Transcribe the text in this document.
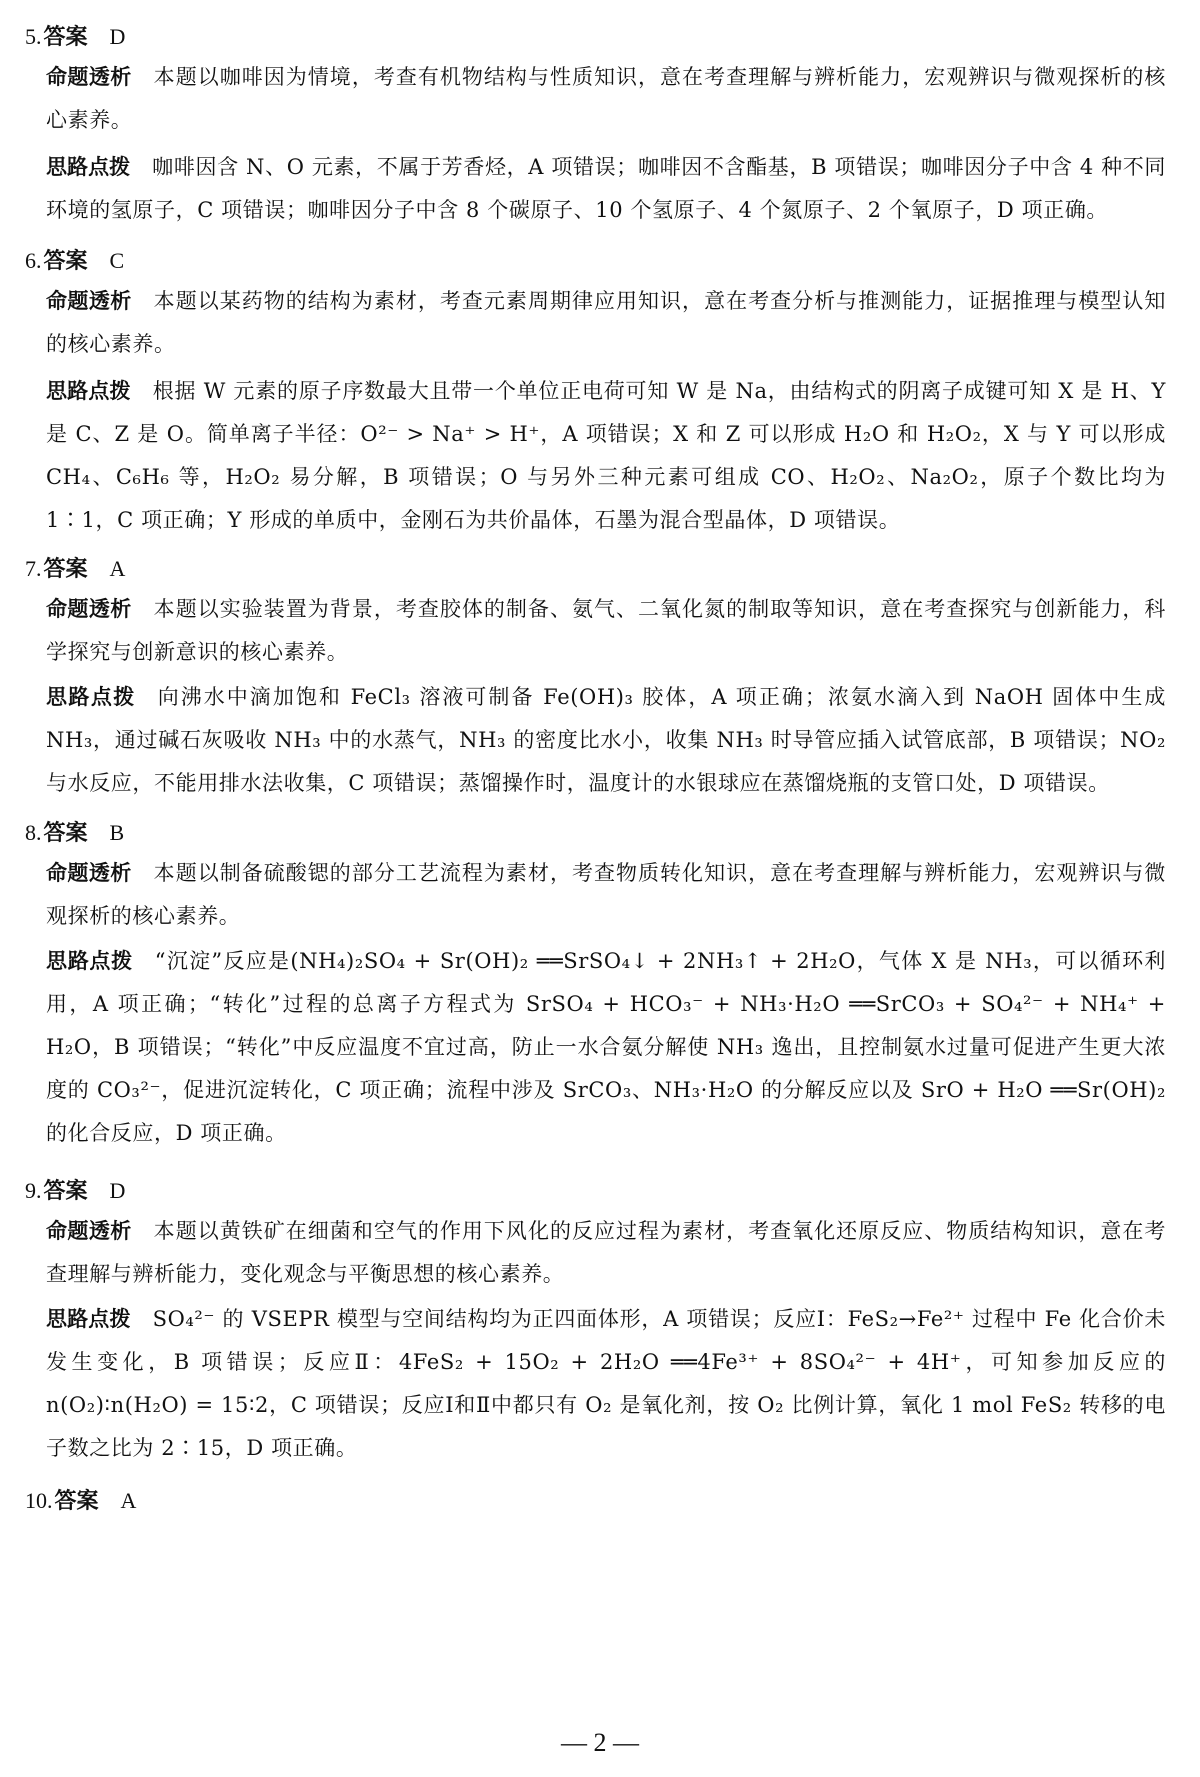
5.答案 D
命题透析 本题以咖啡因为情境，考查有机物结构与性质知识，意在考查理解与辨析能力，宏观辨识与微观探析的核心素养。
思路点拨 咖啡因含 N、O 元素，不属于芳香烃，A 项错误；咖啡因不含酯基，B 项错误；咖啡因分子中含 4 种不同环境的氢原子，C 项错误；咖啡因分子中含 8 个碳原子、10 个氢原子、4 个氮原子、2 个氧原子，D 项正确。
6.答案 C
命题透析 本题以某药物的结构为素材，考查元素周期律应用知识，意在考查分析与推测能力，证据推理与模型认知的核心素养。
思路点拨 根据 W 元素的原子序数最大且带一个单位正电荷可知 W 是 Na，由结构式的阴离子成键可知 X 是 H、Y 是 C、Z 是 O。简单离子半径：O²⁻ > Na⁺ > H⁺，A 项错误；X 和 Z 可以形成 H₂O 和 H₂O₂，X 与 Y 可以形成 CH₄、C₆H₆ 等，H₂O₂ 易分解，B 项错误；O 与另外三种元素可组成 CO、H₂O₂、Na₂O₂，原子个数比均为 1∶1，C 项正确；Y 形成的单质中，金刚石为共价晶体，石墨为混合型晶体，D 项错误。
7.答案 A
命题透析 本题以实验装置为背景，考查胶体的制备、氨气、二氧化氮的制取等知识，意在考查探究与创新能力，科学探究与创新意识的核心素养。
思路点拨 向沸水中滴加饱和 FeCl₃ 溶液可制备 Fe(OH)₃ 胶体，A 项正确；浓氨水滴入到 NaOH 固体中生成 NH₃，通过碱石灰吸收 NH₃ 中的水蒸气，NH₃ 的密度比水小，收集 NH₃ 时导管应插入试管底部，B 项错误；NO₂ 与水反应，不能用排水法收集，C 项错误；蒸馏操作时，温度计的水银球应在蒸馏烧瓶的支管口处，D 项错误。
8.答案 B
命题透析 本题以制备硫酸锶的部分工艺流程为素材，考查物质转化知识，意在考查理解与辨析能力，宏观辨识与微观探析的核心素养。
思路点拨 “沉淀”反应是(NH₄)₂SO₄ + Sr(OH)₂ ══SrSO₄↓ + 2NH₃↑ + 2H₂O，气体 X 是 NH₃，可以循环利用，A 项正确；“转化”过程的总离子方程式为 SrSO₄ + HCO₃⁻ + NH₃·H₂O ══SrCO₃ + SO₄²⁻ + NH₄⁺ + H₂O，B 项错误；“转化”中反应温度不宜过高，防止一水合氨分解使 NH₃ 逸出，且控制氨水过量可促进产生更大浓度的 CO₃²⁻，促进沉淀转化，C 项正确；流程中涉及 SrCO₃、NH₃·H₂O 的分解反应以及 SrO + H₂O ══Sr(OH)₂ 的化合反应，D 项正确。
9.答案 D
命题透析 本题以黄铁矿在细菌和空气的作用下风化的反应过程为素材，考查氧化还原反应、物质结构知识，意在考查理解与辨析能力，变化观念与平衡思想的核心素养。
思路点拨 SO₄²⁻ 的 VSEPR 模型与空间结构均为正四面体形，A 项错误；反应Ⅰ：FeS₂→Fe²⁺ 过程中 Fe 化合价未发生变化，B 项错误；反应Ⅱ：4FeS₂ + 15O₂ + 2H₂O ══4Fe³⁺ + 8SO₄²⁻ + 4H⁺，可知参加反应的 n(O₂)∶n(H₂O) = 15∶2，C 项错误；反应Ⅰ和Ⅱ中都只有 O₂ 是氧化剂，按 O₂ 比例计算，氧化 1 mol FeS₂ 转移的电子数之比为 2∶15，D 项正确。
10.答案 A
— 2 —
